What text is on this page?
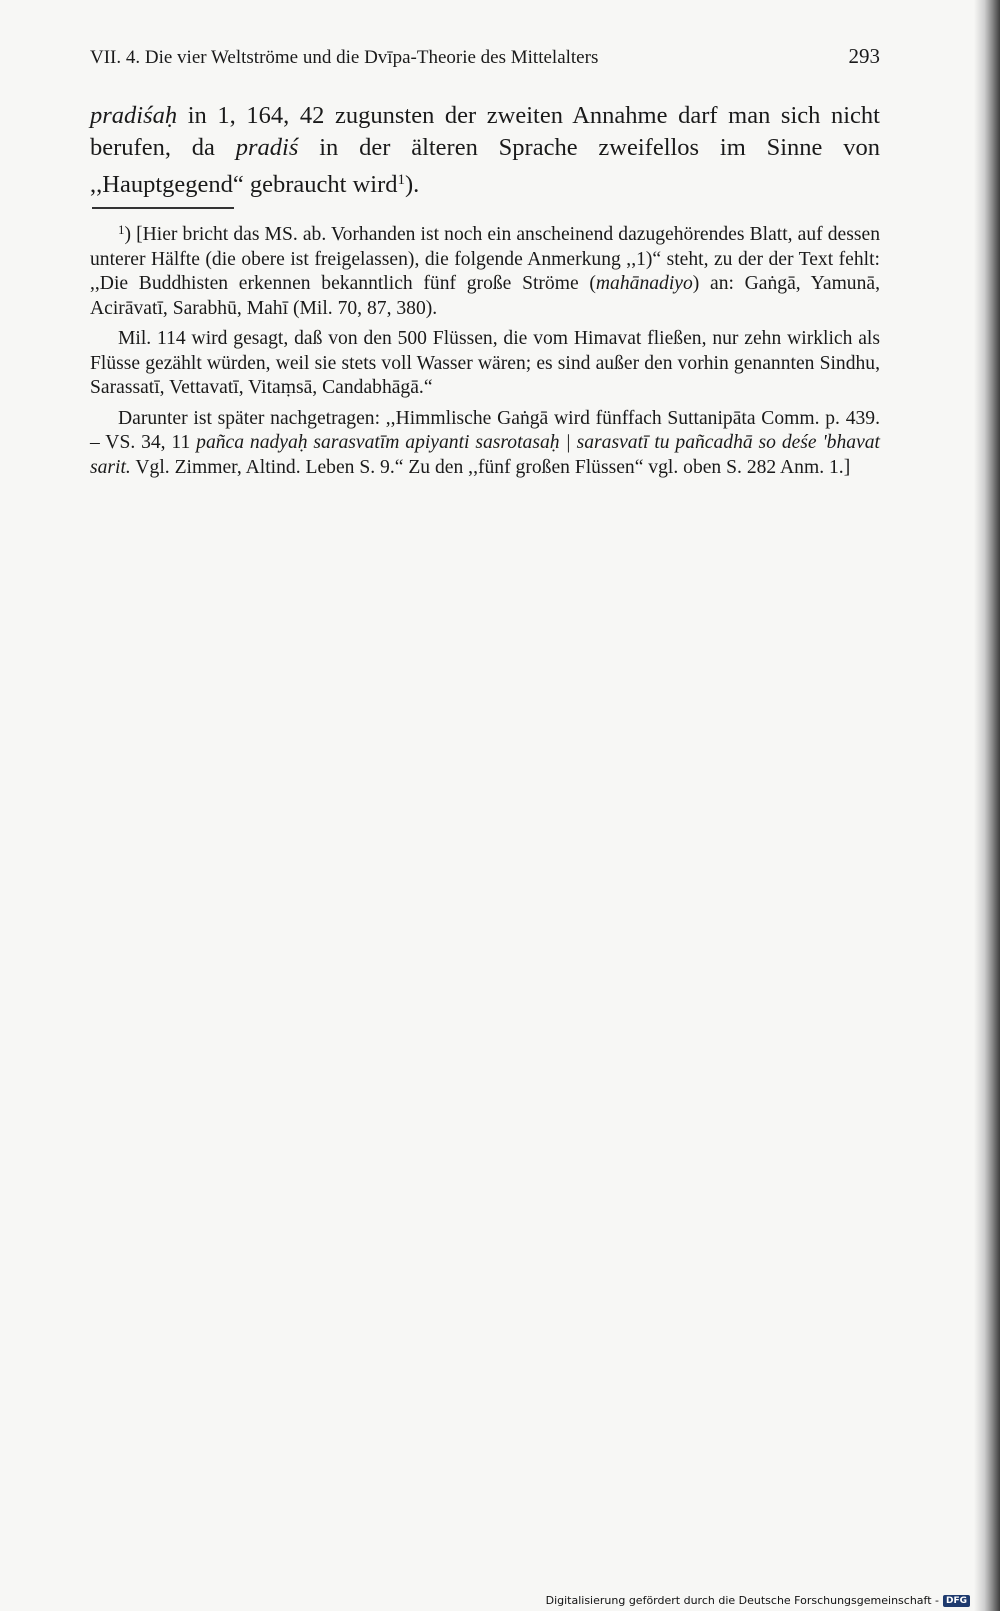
VII. 4. Die vier Weltströme und die Dvīpa-Theorie des Mittelalters	293

pradiśaḥ in 1, 164, 42 zugunsten der zweiten Annahme darf man sich nicht berufen, da pradiś in der älteren Sprache zweifellos im Sinne von ,,Hauptgegend“ gebraucht wird$^1$).

$^1$) [Hier bricht das MS. ab. Vorhanden ist noch ein anscheinend dazugehörendes Blatt, auf dessen unterer Hälfte (die obere ist freigelassen), die folgende Anmerkung ,,1)“ steht, zu der der Text fehlt: ,,Die Buddhisten erkennen bekanntlich fünf große Ströme (mahānadiyo) an: Gaṅgā, Yamunā, Acirāvatī, Sarabhū, Mahī (Mil. 70, 87, 380).

Mil. 114 wird gesagt, daß von den 500 Flüssen, die vom Himavat fließen, nur zehn wirklich als Flüsse gezählt würden, weil sie stets voll Wasser wären; es sind außer den vorhin genannten Sindhu, Sarassatī, Vettavatī, Vitaṃsā, Candabhāgā.“

Darunter ist später nachgetragen: ,,Himmlische Gaṅgā wird fünffach Suttanipāta Comm. p. 439. – VS. 34, 11 pañca nadyaḥ sarasvatīm apiyanti sasrotasaḥ | sarasvatī tu pañcadhā so deśe 'bhavat sarit. Vgl. Zimmer, Altind. Leben S. 9.“ Zu den ,,fünf großen Flüssen“ vgl. oben S. 282 Anm. 1.]

Digitalisierung gefördert durch die Deutsche Forschungsgemeinschaft - DFG
